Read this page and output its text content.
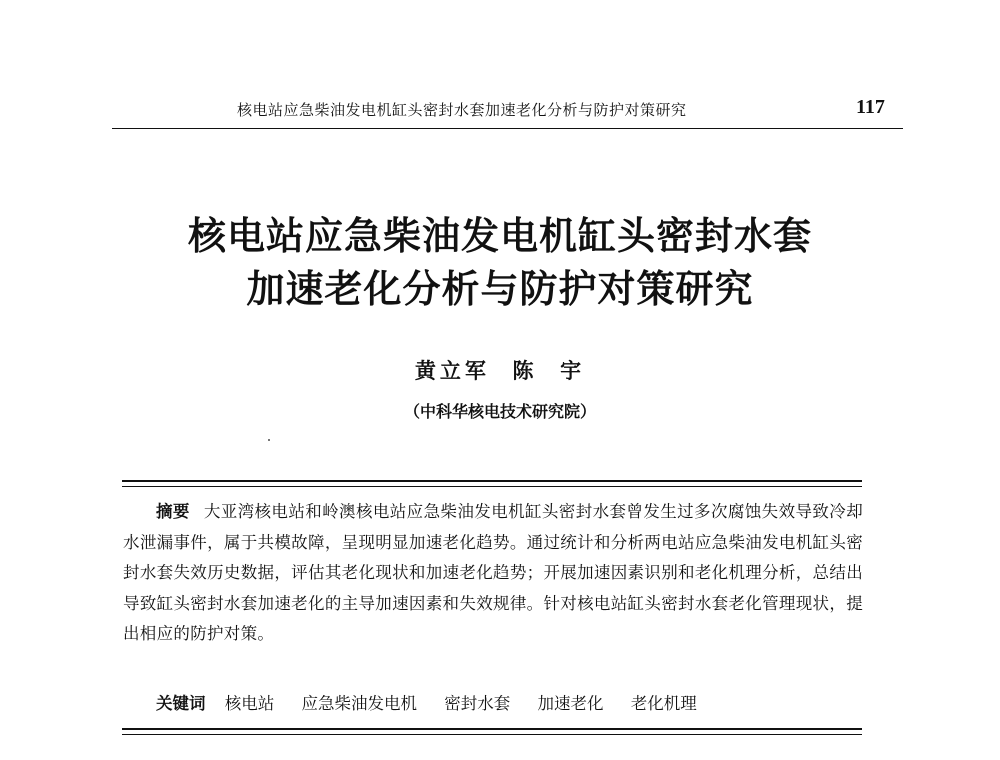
核电站应急柴油发电机缸头密封水套加速老化分析与防护对策研究	117
核电站应急柴油发电机缸头密封水套
加速老化分析与防护对策研究
黄立军  陈  宇
（中科华核电技术研究院）
摘要 大亚湾核电站和岭澳核电站应急柴油发电机缸头密封水套曾发生过多次腐蚀失效导致冷却水泄漏事件，属于共模故障，呈现明显加速老化趋势。通过统计和分析两电站应急柴油发电机缸头密封水套失效历史数据，评估其老化现状和加速老化趋势；开展加速因素识别和老化机理分析，总结出导致缸头密封水套加速老化的主导加速因素和失效规律。针对核电站缸头密封水套老化管理现状，提出相应的防护对策。
关键词 核电站 应急柴油发电机 密封水套 加速老化 老化机理
